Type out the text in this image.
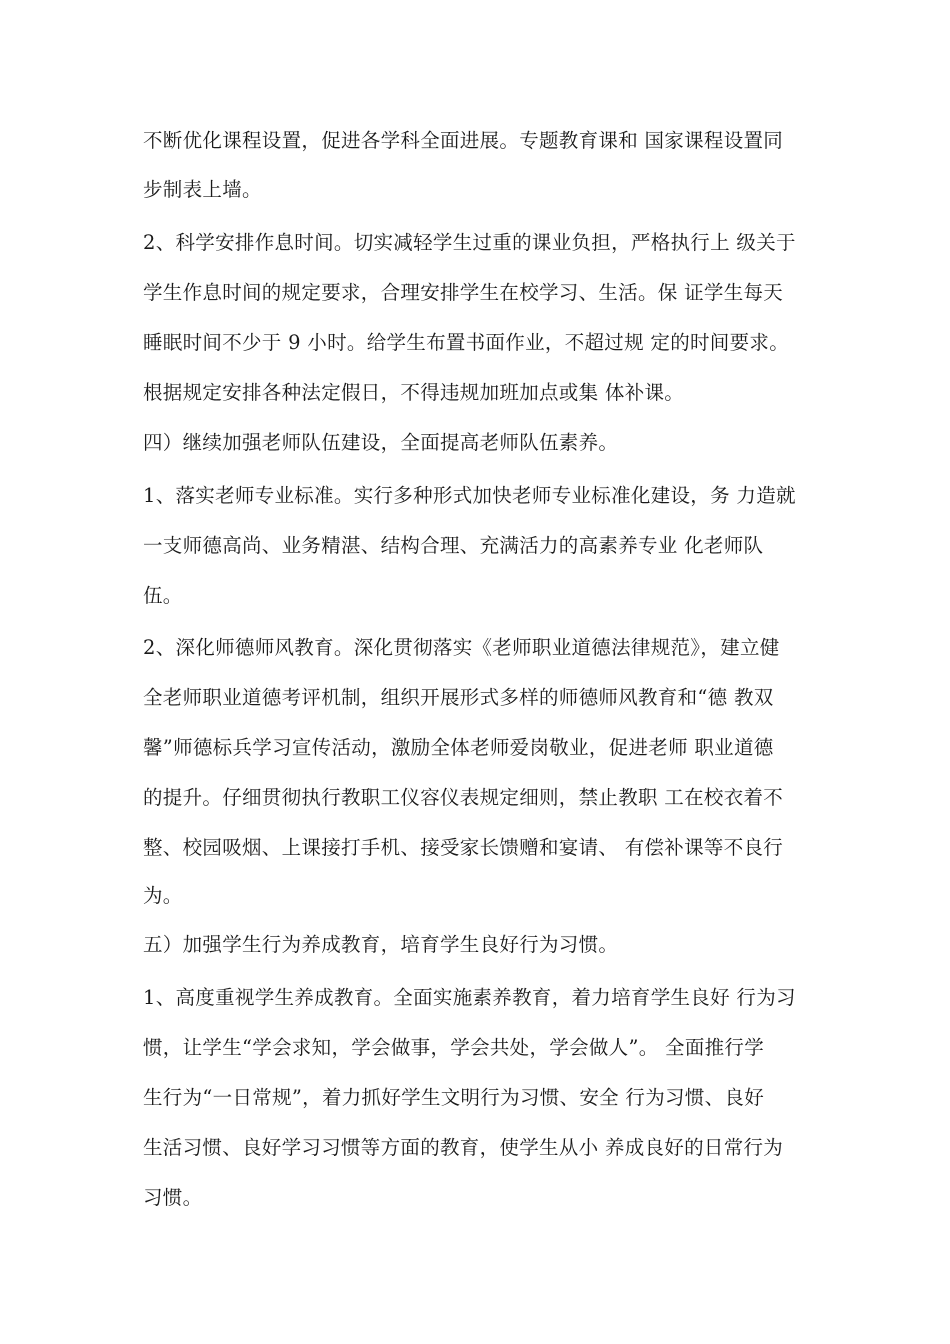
不断优化课程设置，促进各学科全面进展。专题教育课和 国家课程设置同
步制表上墙。
2、科学安排作息时间。切实减轻学生过重的课业负担，严格执行上 级关于
学生作息时间的规定要求，合理安排学生在校学习、生活。保 证学生每天
睡眠时间不少于 9 小时。给学生布置书面作业，不超过规 定的时间要求。
根据规定安排各种法定假日，不得违规加班加点或集 体补课。
四）继续加强老师队伍建设，全面提高老师队伍素养。
1、落实老师专业标准。实行多种形式加快老师专业标准化建设，务 力造就
一支师德高尚、业务精湛、结构合理、充满活力的高素养专业 化老师队
伍。
2、深化师德师风教育。深化贯彻落实《老师职业道德法律规范》，建立健
全老师职业道德考评机制，组织开展形式多样的师德师风教育和“德 教双
馨”师德标兵学习宣传活动，激励全体老师爱岗敬业，促进老师 职业道德
的提升。仔细贯彻执行教职工仪容仪表规定细则，禁止教职 工在校衣着不
整、校园吸烟、上课接打手机、接受家长馈赠和宴请、 有偿补课等不良行
为。
五）加强学生行为养成教育，培育学生良好行为习惯。
1、高度重视学生养成教育。全面实施素养教育，着力培育学生良好 行为习
惯，让学生“学会求知，学会做事，学会共处，学会做人”。 全面推行学
生行为“一日常规”，着力抓好学生文明行为习惯、安全 行为习惯、良好
生活习惯、良好学习习惯等方面的教育，使学生从小 养成良好的日常行为
习惯。
